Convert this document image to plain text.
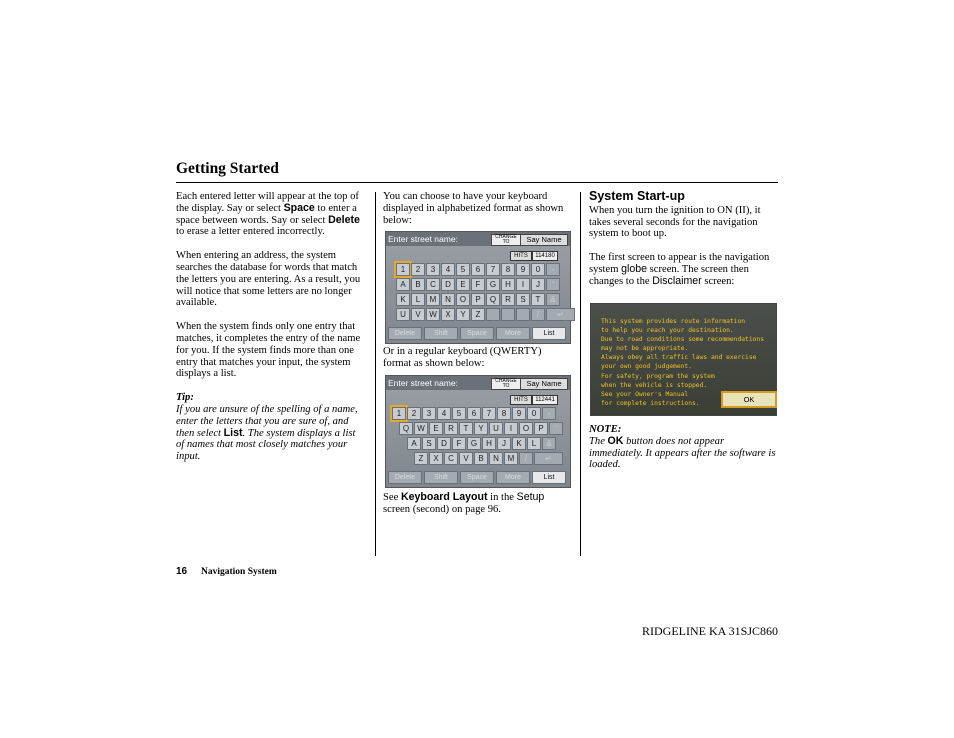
Getting Started

Each entered letter will appear at the top of the display. Say or select Space to enter a space between words. Say or select Delete to erase a letter entered incorrectly.

When entering an address, the system searches the database for words that match the letters you are entering. As a result, you will notice that some letters are no longer available.

When the system finds only one entry that matches, it completes the entry of the name for you. If the system finds more than one entry that matches your input, the system displays a list.

Tip:
If you are unsure of the spelling of a name, enter the letters that you are sure of, and then select List. The system displays a list of names that most closely matches your input.
You can choose to have your keyboard displayed in alphabetized format as shown below:
Enter street name:	CHANGE TO	Say Name
HITS	114180
1	2	3	4	5	6	7	8	9	0	-
A	B	C	D	E	F	G	H	I	J	'
K	L	M	N	O	P	Q	R	S	T	&
U	V	W	X	Y	Z	/	↵
Delete	Shift	Space	More	List
Or in a regular keyboard (QWERTY) format as shown below:
Enter street name:	CHANGE TO	Say Name
HITS	112441
1	2	3	4	5	6	7	8	9	0	-
Q	W	E	R	T	Y	U	I	O	P	'
A	S	D	F	G	H	J	K	L	&
Z	X	C	V	B	N	M	/	↵
Delete	Shift	Space	More	List
See Keyboard Layout in the Setup screen (second) on page 96.
System Start-up

When you turn the ignition to ON (II), it takes several seconds for the navigation system to boot up.

The first screen to appear is the navigation system globe screen. The screen then changes to the Disclaimer screen:

This system provides route information
to help you reach your destination.
Due to road conditions some recommendations
may not be appropriate.
Always obey all traffic laws and exercise
your own good judgement.
For safety, program the system
when the vehicle is stopped.
See your Owner's Manual
for complete instructions.	OK
NOTE:
The OK button does not appear immediately. It appears after the software is loaded.
16 Navigation System
RIDGELINE KA 31SJC860
